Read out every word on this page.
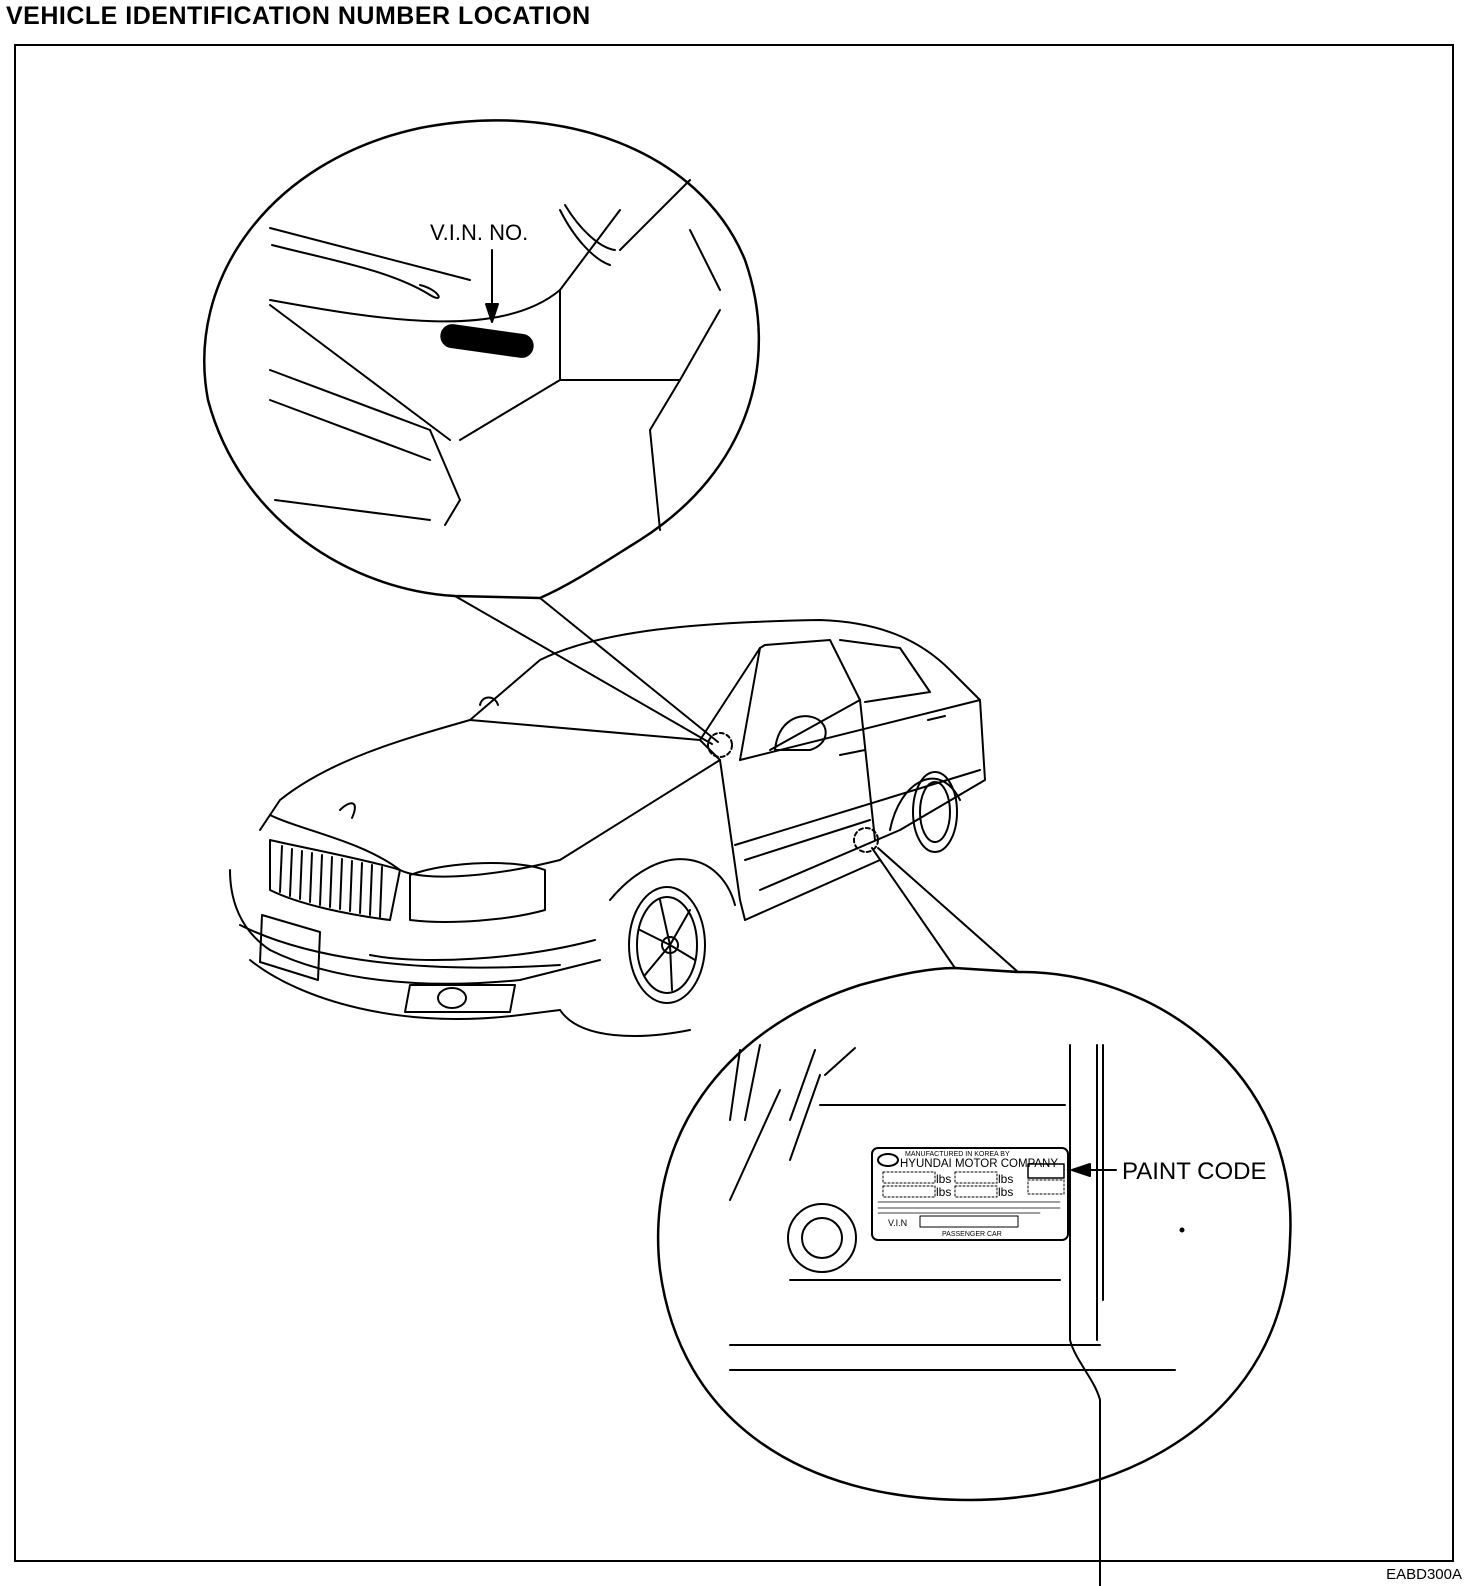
VEHICLE IDENTIFICATION NUMBER LOCATION
V.I.N. NO.
MANUFACTURED IN KOREA BY
HYUNDAI MOTOR COMPANY
lbs	lbs
lbs	lbs
V.I.N
PASSENGER CAR
PAINT CODE
EABD300A
